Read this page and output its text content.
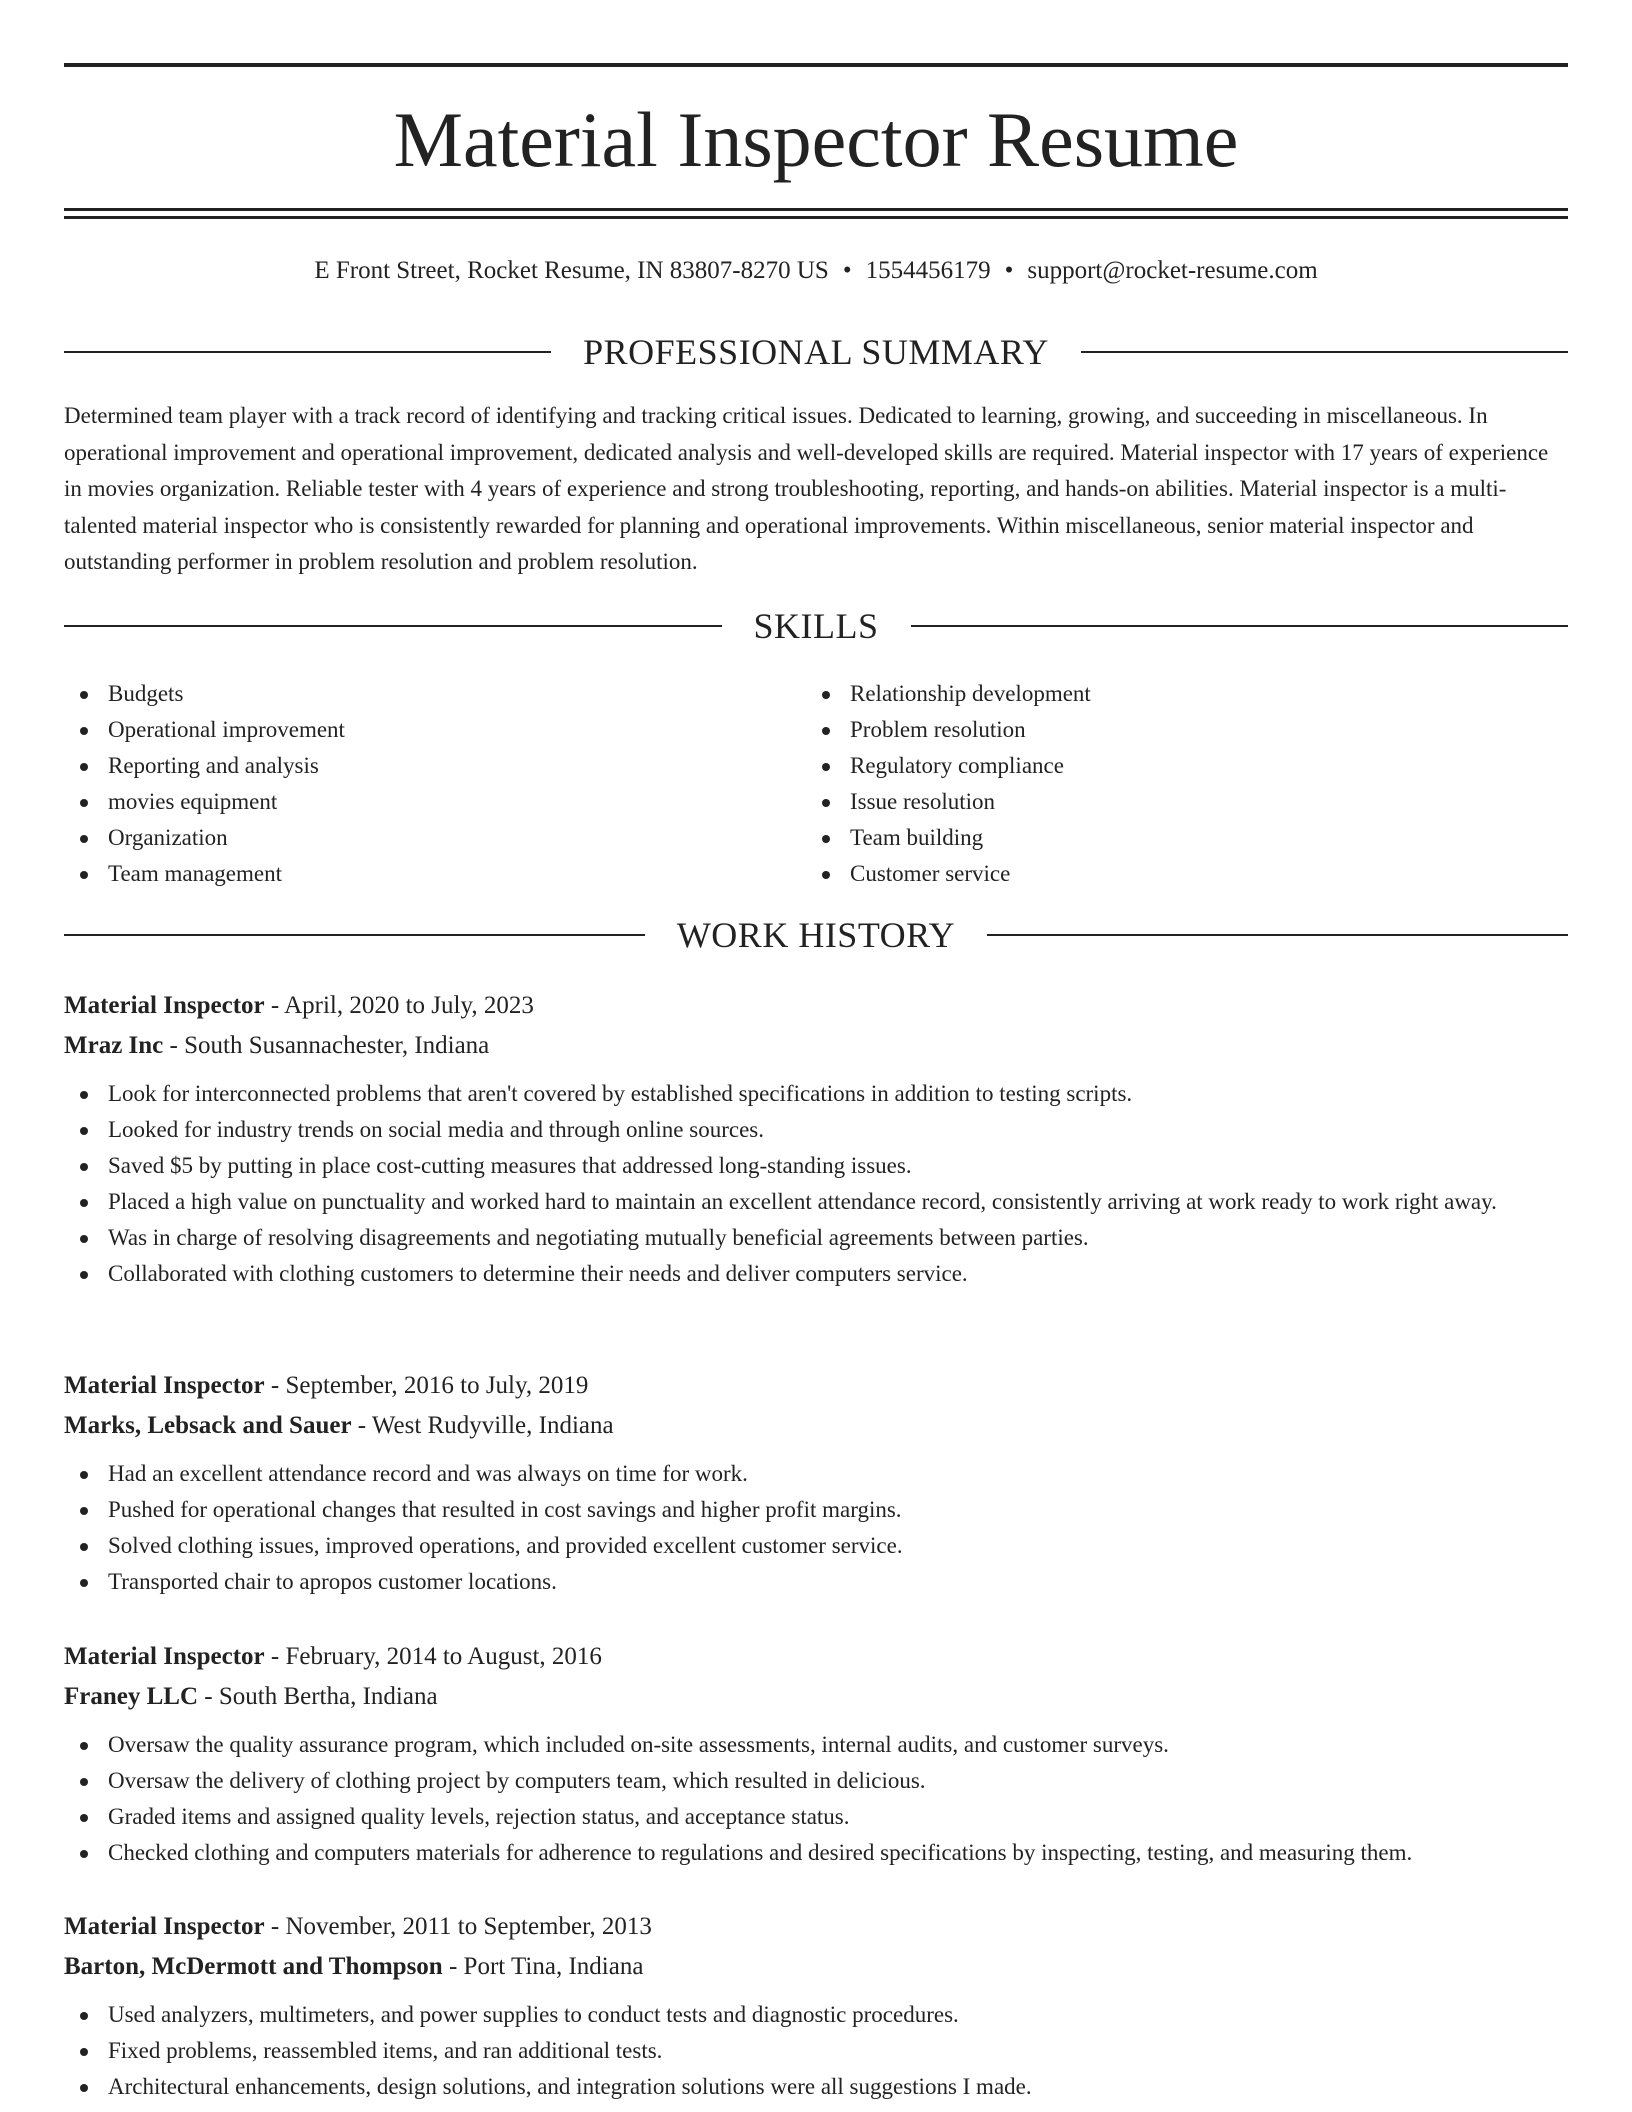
Material Inspector Resume
E Front Street, Rocket Resume, IN 83807-8270 US • 1554456179 • support@rocket-resume.com
PROFESSIONAL SUMMARY

Determined team player with a track record of identifying and tracking critical issues. Dedicated to learning, growing, and succeeding in miscellaneous. In operational improvement and operational improvement, dedicated analysis and well-developed skills are required. Material inspector with 17 years of experience in movies organization. Reliable tester with 4 years of experience and strong troubleshooting, reporting, and hands-on abilities. Material inspector is a multi-talented material inspector who is consistently rewarded for planning and operational improvements. Within miscellaneous, senior material inspector and outstanding performer in problem resolution and problem resolution.

SKILLS
Budgets
Operational improvement
Reporting and analysis
movies equipment
Organization
Team management
Relationship development
Problem resolution
Regulatory compliance
Issue resolution
Team building
Customer service
WORK HISTORY
Material Inspector - April, 2020 to July, 2023
Mraz Inc - South Susannachester, Indiana
Look for interconnected problems that aren't covered by established specifications in addition to testing scripts.
Looked for industry trends on social media and through online sources.
Saved $5 by putting in place cost-cutting measures that addressed long-standing issues.
Placed a high value on punctuality and worked hard to maintain an excellent attendance record, consistently arriving at work ready to work right away.
Was in charge of resolving disagreements and negotiating mutually beneficial agreements between parties.
Collaborated with clothing customers to determine their needs and deliver computers service.
Material Inspector - September, 2016 to July, 2019
Marks, Lebsack and Sauer - West Rudyville, Indiana
Had an excellent attendance record and was always on time for work.
Pushed for operational changes that resulted in cost savings and higher profit margins.
Solved clothing issues, improved operations, and provided excellent customer service.
Transported chair to apropos customer locations.
Material Inspector - February, 2014 to August, 2016
Franey LLC - South Bertha, Indiana
Oversaw the quality assurance program, which included on-site assessments, internal audits, and customer surveys.
Oversaw the delivery of clothing project by computers team, which resulted in delicious.
Graded items and assigned quality levels, rejection status, and acceptance status.
Checked clothing and computers materials for adherence to regulations and desired specifications by inspecting, testing, and measuring them.
Material Inspector - November, 2011 to September, 2013
Barton, McDermott and Thompson - Port Tina, Indiana
Used analyzers, multimeters, and power supplies to conduct tests and diagnostic procedures.
Fixed problems, reassembled items, and ran additional tests.
Architectural enhancements, design solutions, and integration solutions were all suggestions I made.
